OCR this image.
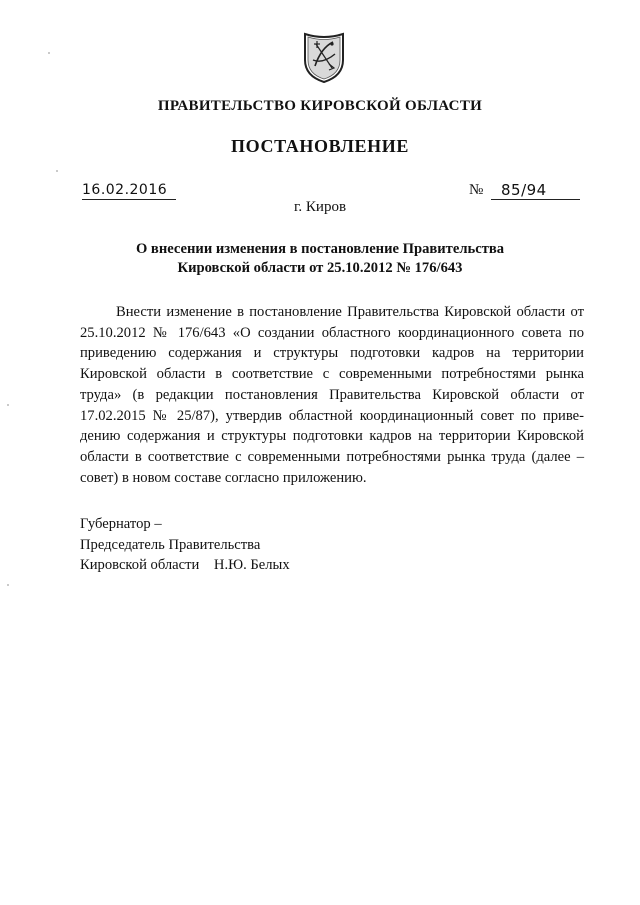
ПРАВИТЕЛЬСТВО КИРОВСКОЙ ОБЛАСТИ
ПОСТАНОВЛЕНИЕ
16.02.2016	№ 85/94
г. Киров
О внесении изменения в постановление Правительства
Кировской области от 25.10.2012 № 176/643

Внести изменение в постановление Правительства Кировской области от 25.10.2012 № 176/643 «О создании областного координационного совета по приведению содержания и структуры подготовки кадров на территории Кировской области в соответствие с современными потребностями рынка труда» (в редакции постановления Правительства Кировской области от 17.02.2015 № 25/87), утвердив областной координационный совет по приве-дению содержания и структуры подготовки кадров на территории Кировской области в соответствие с современными потребностями рынка труда (далее – совет) в новом составе согласно приложению.

Губернатор –
Председатель Правительства
Кировской области    Н.Ю. Белых
